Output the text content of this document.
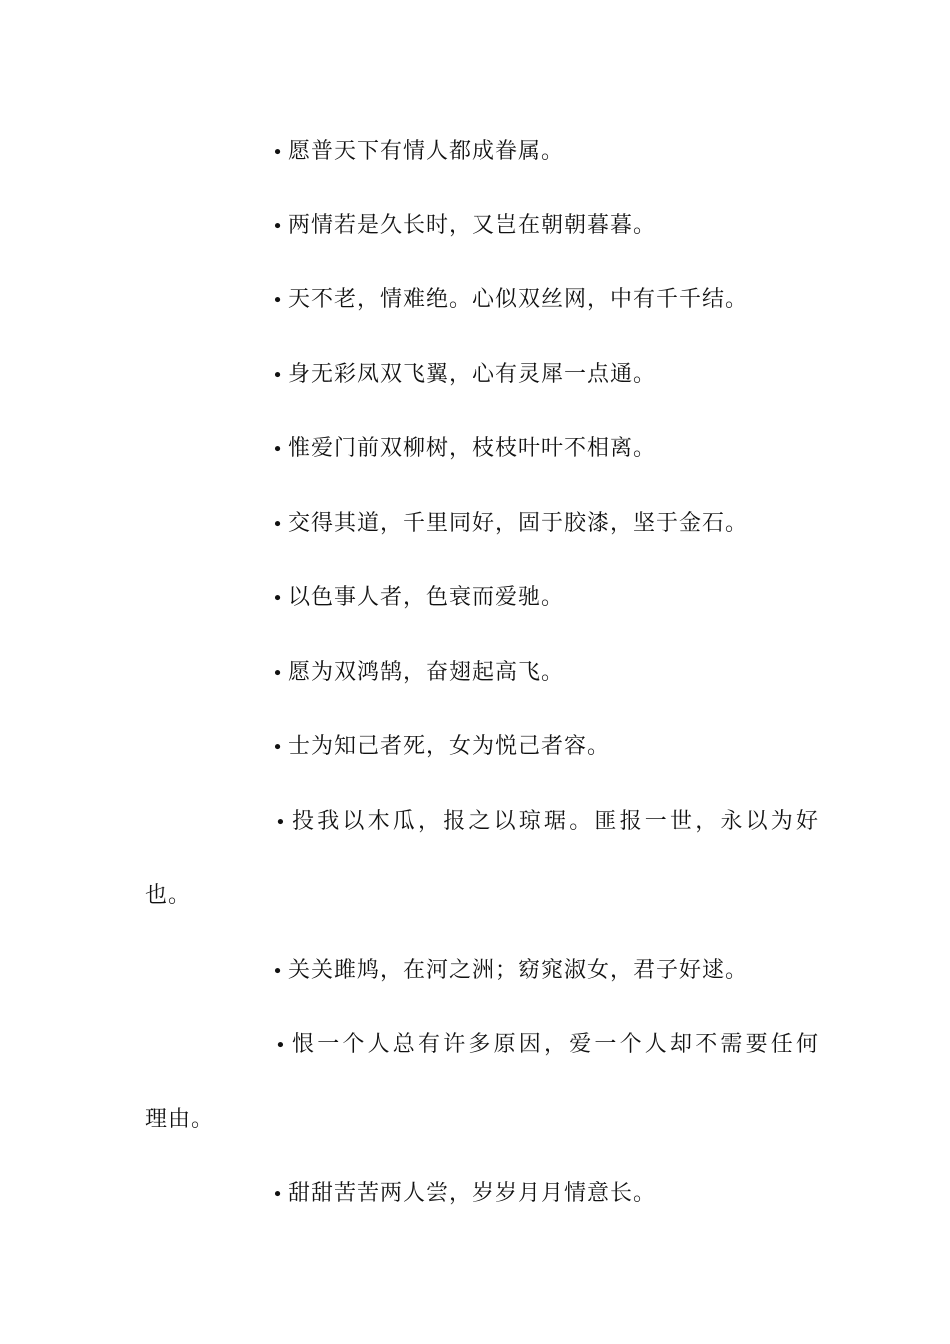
• 愿普天下有情人都成眷属。
• 两情若是久长时，又岂在朝朝暮暮。
• 天不老，情难绝。心似双丝网，中有千千结。
• 身无彩凤双飞翼，心有灵犀一点通。
• 惟爱门前双柳树，枝枝叶叶不相离。
• 交得其道，千里同好，固于胶漆，坚于金石。
• 以色事人者，色衰而爱驰。
• 愿为双鸿鹄，奋翅起高飞。
• 士为知己者死，女为悦己者容。
• 投我以木瓜，报之以琼琚。匪报一世，永以为好
也。
• 关关雎鸠，在河之洲；窈窕淑女，君子好逑。
• 恨一个人总有许多原因，爱一个人却不需要任何
理由。
• 甜甜苦苦两人尝，岁岁月月情意长。
